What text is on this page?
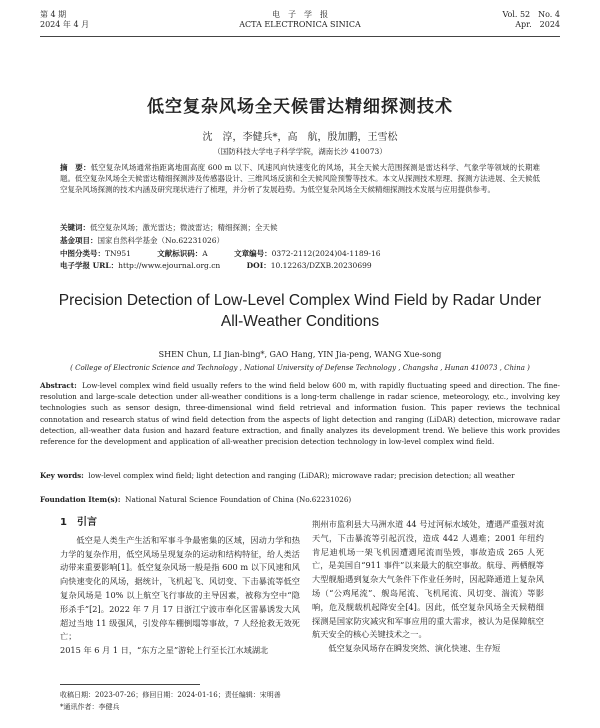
第 4 期
2024 年 4 月
电　子　学　报
ACTA ELECTRONICA SINICA
Vol. 52　No. 4
Apr.　2024
低空复杂风场全天候雷达精细探测技术
沈　淳，李健兵*，高　航，殷加鹏，王雪松
（国防科技大学电子科学学院，湖南长沙 410073）
摘　要：低空复杂风场通常指距离地面高度 600 m 以下、风速风向快速变化的风场，其全天候大范围探测是雷达科学、气象学等领域的长期难题。低空复杂风场全天候雷达精细探测涉及传感器设计、三维风场反演和全天候风险预警等技术。本文从探测技术原理、探测方法进展、全天候低空复杂风场探测的技术内涵及研究现状进行了梳理，并分析了发展趋势。为低空复杂风场全天候精细探测技术发展与应用提供参考。
关键词：低空复杂风场；激光雷达；微波雷达；精细探测；全天候
基金项目：国家自然科学基金（No.62231026）
中图分类号：TN951	文献标识码：A	文章编号：0372-2112(2024)04-1189-16
电子学报 URL：http://www.ejournal.org.cn	DOI：10.12263/DZXB.20230699
Precision Detection of Low-Level Complex Wind Field by Radar Under All-Weather Conditions
SHEN Chun, LI Jian-bing*, GAO Hang, YIN Jia-peng, WANG Xue-song
( College of Electronic Science and Technology , National University of Defense Technology , Changsha , Hunan 410073 , China )
Abstract: Low-level complex wind field usually refers to the wind field below 600 m, with rapidly fluctuating speed and direction. The fine-resolution and large-scale detection under all-weather conditions is a long-term challenge in radar science, meteorology, etc., involving key technologies such as sensor design, three-dimensional wind field retrieval and information fusion. This paper reviews the technical connotation and research status of wind field detection from the aspects of light detection and ranging (LiDAR) detection, microwave radar detection, all-weather data fusion and hazard feature extraction, and finally analyzes its development trend. We believe this work provides reference for the development and application of all-weather precision detection technology in low-level complex wind field.
Key words: low-level complex wind field; light detection and ranging (LiDAR); microwave radar; precision detection; all weather
Foundation Item(s): National Natural Science Foundation of China (No.62231026)
1　引言

低空是人类生产生活和军事斗争最密集的区域，因动力学和热力学的复杂作用，低空风场呈现复杂的运动和结构特征，给人类活动带来重要影响[1]。低空复杂风场一般是指 600 m 以下风速和风向快速变化的风场，据统计，飞机起飞、风切变、下击暴流等低空复杂风场是 10% 以上航空飞行事故的主导因素，被称为空中“隐形杀手”[2]。2022 年 7 月 17 日浙江宁波市奉化区雷暴诱发大风超过当地 11 级强风，引发停车棚倒塌等事故，7 人经抢救无效死亡；

2015 年 6 月 1 日，“东方之星”游轮上行至长江水域湖北

荆州市监利县大马洲水道 44 号过河标水域处，遭遇严重强对流天气，下击暴流等引起沉没，造成 442 人遇难；2001 年纽约肯尼迪机场一架飞机因遭遇尾流而坠毁，事故造成 265 人死亡，是美国自“911 事件”以来最大的航空事故。航母、两栖舰等大型舰船遇到复杂大气条件下作业任务时，因起降通道上复杂风场（“公鸡尾流”、舰岛尾流、飞机尾流、风切变、湍流）等影响，危及舰载机起降安全[4]。因此，低空复杂风场全天候精细探测是国家防灾减灾和军事应用的重大需求，被认为是保障航空航天安全的核心关键技术之一。

低空复杂风场存在瞬发突然、演化快速、生存短

收稿日期：2023-07-26；修回日期：2024-01-16；责任编辑：宋明善
*通讯作者：李健兵
